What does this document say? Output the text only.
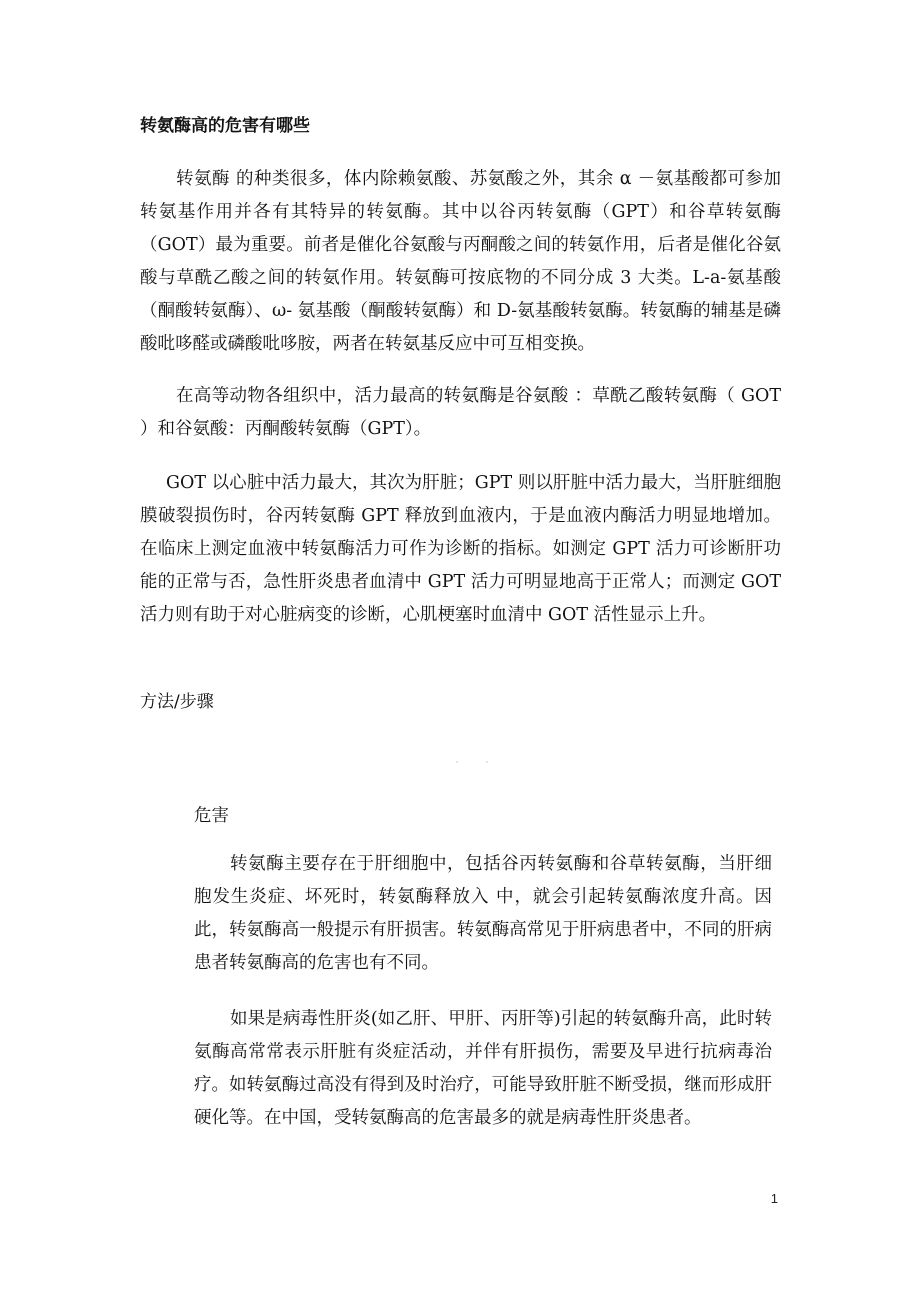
转氨酶高的危害有哪些

转氨酶 的种类很多，体内除赖氨酸、苏氨酸之外，其余 α －氨基酸都可参加转氨基作用并各有其特异的转氨酶。其中以谷丙转氨酶（GPT）和谷草转氨酶（GOT）最为重要。前者是催化谷氨酸与丙酮酸之间的转氨作用，后者是催化谷氨酸与草酰乙酸之间的转氨作用。转氨酶可按底物的不同分成 3 大类。L-a-氨基酸（酮酸转氨酶）、ω- 氨基酸（酮酸转氨酶）和 D-氨基酸转氨酶。转氨酶的辅基是磷酸吡哆醛或磷酸吡哆胺，两者在转氨基反应中可互相变换。

在高等动物各组织中，活力最高的转氨酶是谷氨酸 ：草酰乙酸转氨酶（ GOT ）和谷氨酸：丙酮酸转氨酶（GPT）。

GOT 以心脏中活力最大，其次为肝脏；GPT 则以肝脏中活力最大，当肝脏细胞膜破裂损伤时，谷丙转氨酶 GPT 释放到血液内，于是血液内酶活力明显地增加。在临床上测定血液中转氨酶活力可作为诊断的指标。如测定 GPT 活力可诊断肝功能的正常与否，急性肝炎患者血清中 GPT 活力可明显地高于正常人；而测定 GOT 活力则有助于对心脏病变的诊断，心肌梗塞时血清中 GOT 活性显示上升。

方法/步骤
危害

转氨酶主要存在于肝细胞中，包括谷丙转氨酶和谷草转氨酶，当肝细胞发生炎症、坏死时，转氨酶释放入 中，就会引起转氨酶浓度升高。因此，转氨酶高一般提示有肝损害。转氨酶高常见于肝病患者中，不同的肝病患者转氨酶高的危害也有不同。

如果是病毒性肝炎(如乙肝、甲肝、丙肝等)引起的转氨酶升高，此时转氨酶高常常表示肝脏有炎症活动，并伴有肝损伤，需要及早进行抗病毒治疗。如转氨酶过高没有得到及时治疗，可能导致肝脏不断受损，继而形成肝硬化等。在中国，受转氨酶高的危害最多的就是病毒性肝炎患者。

1
